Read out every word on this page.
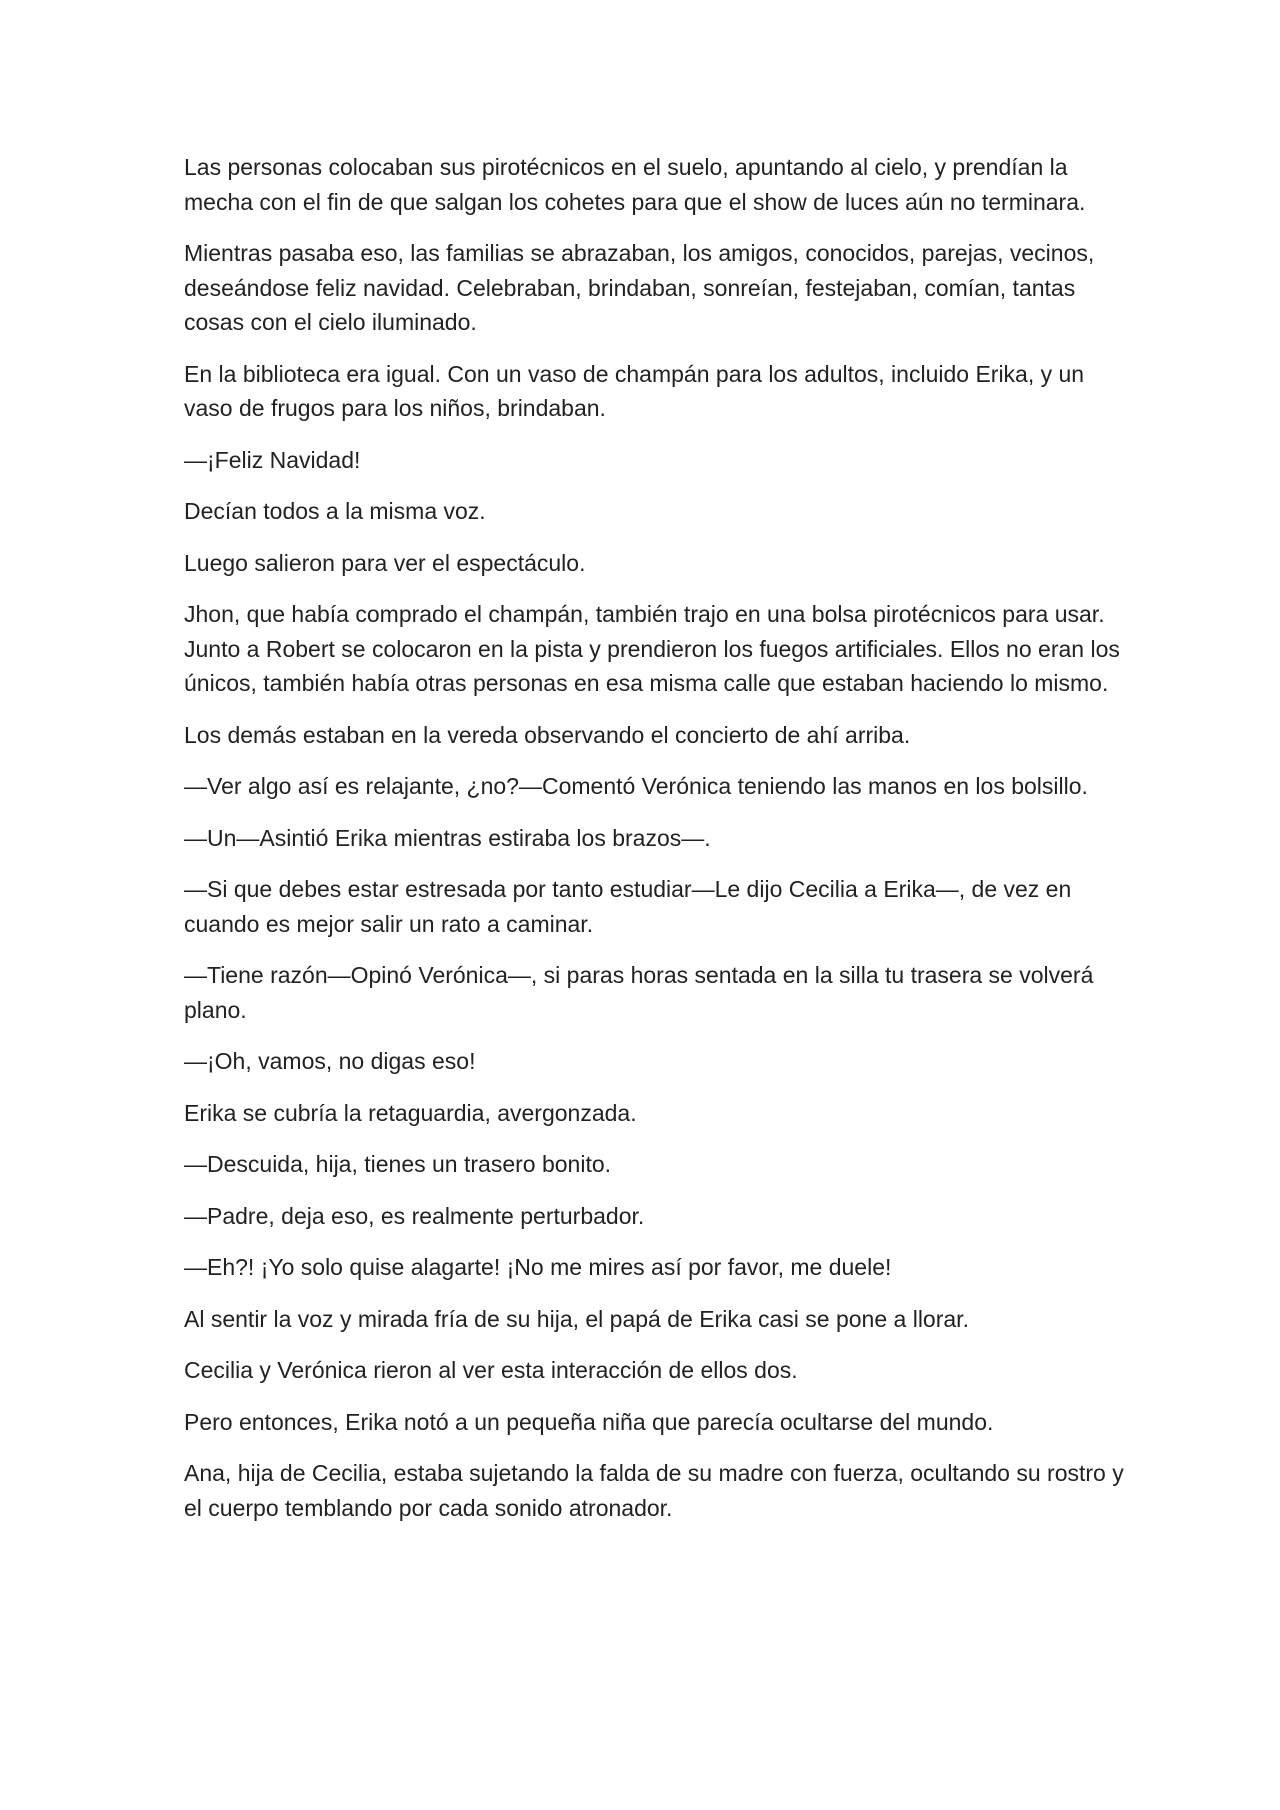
Las personas colocaban sus pirotécnicos en el suelo, apuntando al cielo, y prendían la mecha con el fin de que salgan los cohetes para que el show de luces aún no terminara.

Mientras pasaba eso, las familias se abrazaban, los amigos, conocidos, parejas, vecinos, deseándose feliz navidad. Celebraban, brindaban, sonreían, festejaban, comían, tantas cosas con el cielo iluminado.

En la biblioteca era igual. Con un vaso de champán para los adultos, incluido Erika, y un vaso de frugos para los niños, brindaban.

—¡Feliz Navidad!

Decían todos a la misma voz.

Luego salieron para ver el espectáculo.

Jhon, que había comprado el champán, también trajo en una bolsa pirotécnicos para usar. Junto a Robert se colocaron en la pista y prendieron los fuegos artificiales. Ellos no eran los únicos, también había otras personas en esa misma calle que estaban haciendo lo mismo.

Los demás estaban en la vereda observando el concierto de ahí arriba.

—Ver algo así es relajante, ¿no?—Comentó Verónica teniendo las manos en los bolsillo.

—Un—Asintió Erika mientras estiraba los brazos—.

—Si que debes estar estresada por tanto estudiar—Le dijo Cecilia a Erika—, de vez en cuando es mejor salir un rato a caminar.

—Tiene razón—Opinó Verónica—, si paras horas sentada en la silla tu trasera se volverá plano.

—¡Oh, vamos, no digas eso!

Erika se cubría la retaguardia, avergonzada.

—Descuida, hija, tienes un trasero bonito.

—Padre, deja eso, es realmente perturbador.

—Eh?! ¡Yo solo quise alagarte! ¡No me mires así por favor, me duele!

Al sentir la voz y mirada fría de su hija, el papá de Erika casi se pone a llorar.

Cecilia y Verónica rieron al ver esta interacción de ellos dos.

Pero entonces, Erika notó a un pequeña niña que parecía ocultarse del mundo.

Ana, hija de Cecilia, estaba sujetando la falda de su madre con fuerza, ocultando su rostro y el cuerpo temblando por cada sonido atronador.
